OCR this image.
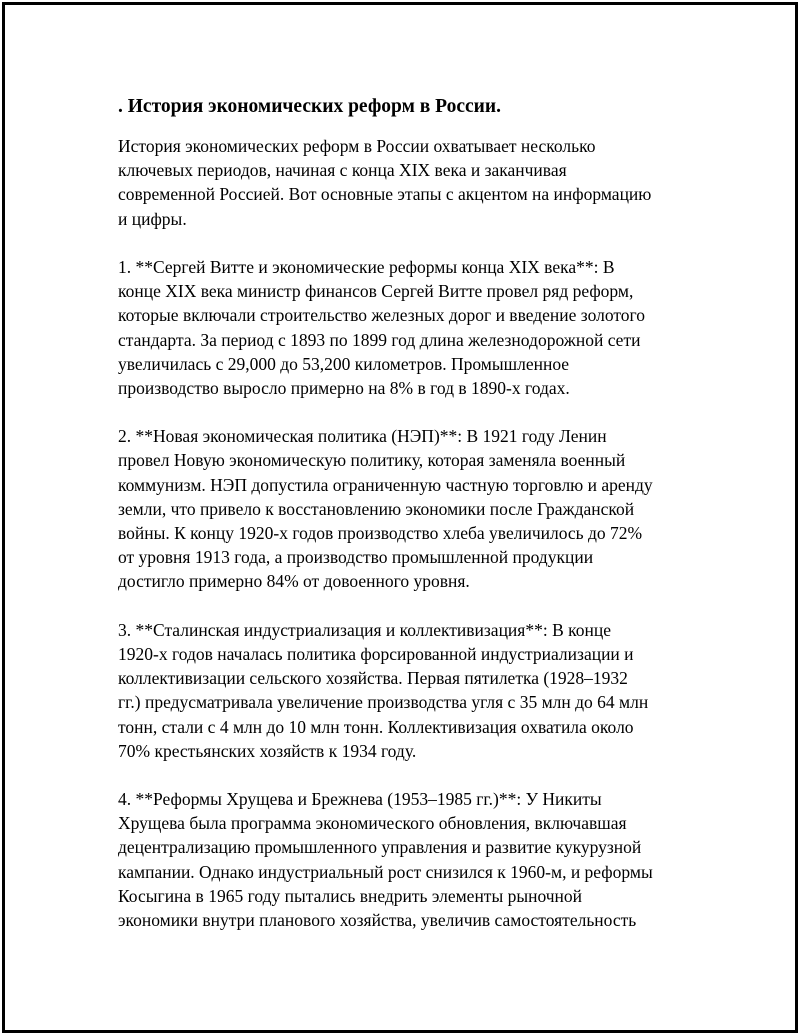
. История экономических реформ в России.
История экономических реформ в России охватывает несколько
ключевых периодов, начиная с конца XIX века и заканчивая
современной Россией. Вот основные этапы с акцентом на информацию
и цифры.
1. **Сергей Витте и экономические реформы конца XIX века**: В
конце XIX века министр финансов Сергей Витте провел ряд реформ,
которые включали строительство железных дорог и введение золотого
стандарта. За период с 1893 по 1899 год длина железнодорожной сети
увеличилась с 29,000 до 53,200 километров. Промышленное
производство выросло примерно на 8% в год в 1890-х годах.
2. **Новая экономическая политика (НЭП)**: В 1921 году Ленин
провел Новую экономическую политику, которая заменяла военный
коммунизм. НЭП допустила ограниченную частную торговлю и аренду
земли, что привело к восстановлению экономики после Гражданской
войны. К концу 1920-х годов производство хлеба увеличилось до 72%
от уровня 1913 года, а производство промышленной продукции
достигло примерно 84% от довоенного уровня.
3. **Сталинская индустриализация и коллективизация**: В конце
1920-х годов началась политика форсированной индустриализации и
коллективизации сельского хозяйства. Первая пятилетка (1928–1932
гг.) предусматривала увеличение производства угля с 35 млн до 64 млн
тонн, стали с 4 млн до 10 млн тонн. Коллективизация охватила около
70% крестьянских хозяйств к 1934 году.
4. **Реформы Хрущева и Брежнева (1953–1985 гг.)**: У Никиты
Хрущева была программа экономического обновления, включавшая
децентрализацию промышленного управления и развитие кукурузной
кампании. Однако индустриальный рост снизился к 1960-м, и реформы
Косыгина в 1965 году пытались внедрить элементы рыночной
экономики внутри планового хозяйства, увеличив самостоятельность
